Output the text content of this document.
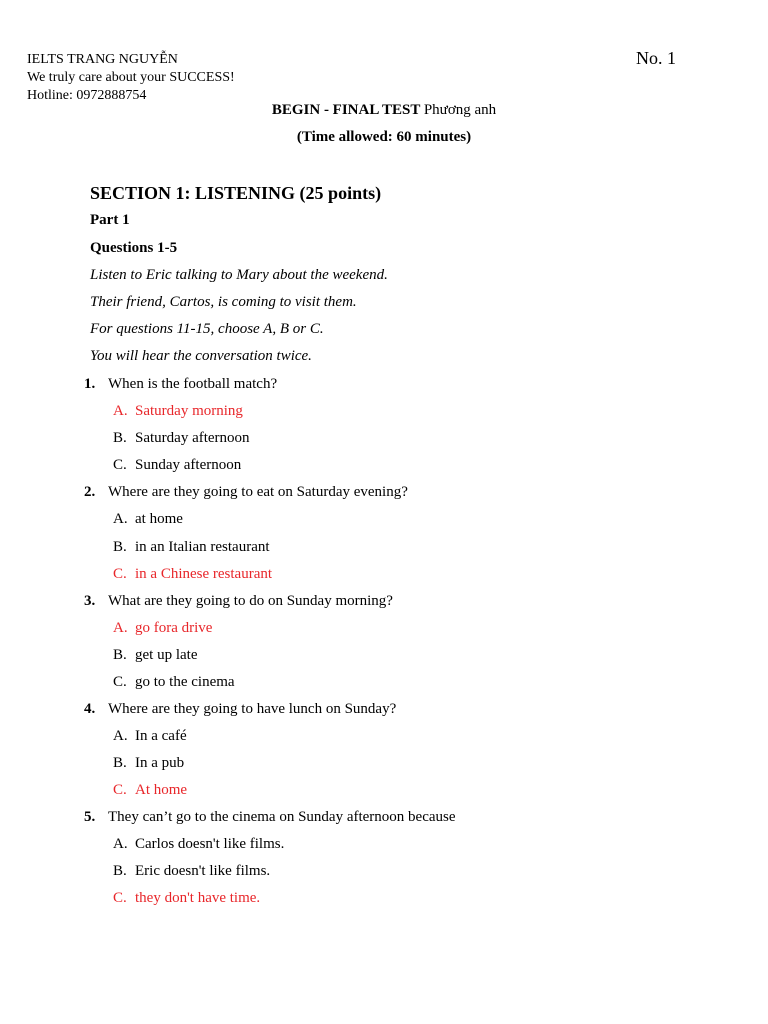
IELTS TRANG NGUYỄN
We truly care about your SUCCESS!
Hotline: 0972888754
No. 1
BEGIN - FINAL TEST Phương anh
(Time allowed: 60 minutes)
SECTION 1: LISTENING (25 points)
Part 1
Questions 1-5
Listen to Eric talking to Mary about the weekend.
Their friend, Cartos, is coming to visit them.
For questions 11-15, choose A, B or C.
You will hear the conversation twice.
1. When is the football match?
A. Saturday morning
B. Saturday afternoon
C. Sunday afternoon
2. Where are they going to eat on Saturday evening?
A. at home
B. in an Italian restaurant
C. in a Chinese restaurant
3. What are they going to do on Sunday morning?
A. go fora drive
B. get up late
C. go to the cinema
4. Where are they going to have lunch on Sunday?
A. In a café
B. In a pub
C. At home
5. They can’t go to the cinema on Sunday afternoon because
A. Carlos doesn't like films.
B. Eric doesn't like films.
C. they don't have time.
